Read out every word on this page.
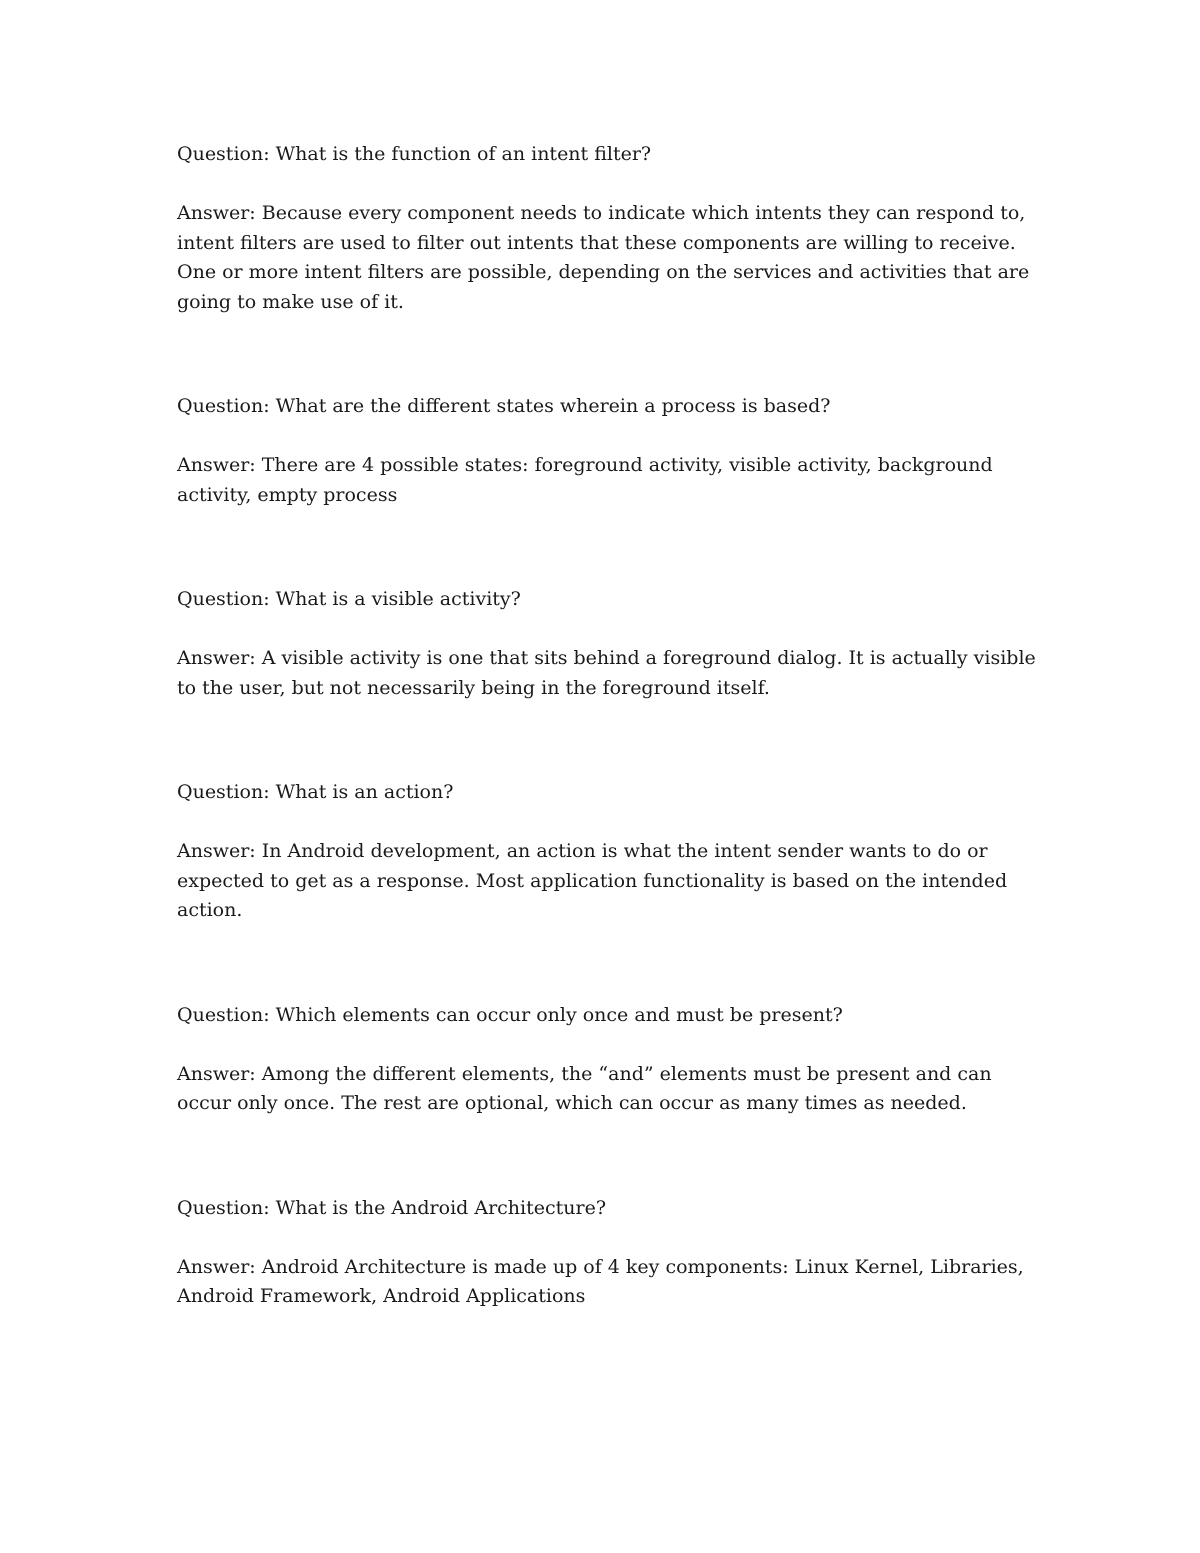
Question: What is the function of an intent filter?

Answer: Because every component needs to indicate which intents they can respond to, intent filters are used to filter out intents that these components are willing to receive. One or more intent filters are possible, depending on the services and activities that are going to make use of it.

Question: What are the different states wherein a process is based?

Answer: There are 4 possible states: foreground activity, visible activity, background activity, empty process

Question: What is a visible activity?

Answer: A visible activity is one that sits behind a foreground dialog. It is actually visible to the user, but not necessarily being in the foreground itself.

Question: What is an action?

Answer: In Android development, an action is what the intent sender wants to do or expected to get as a response. Most application functionality is based on the intended action.

Question: Which elements can occur only once and must be present?

Answer: Among the different elements, the “and” elements must be present and can occur only once. The rest are optional, which can occur as many times as needed.

Question: What is the Android Architecture?

Answer: Android Architecture is made up of 4 key components: Linux Kernel, Libraries, Android Framework, Android Applications
